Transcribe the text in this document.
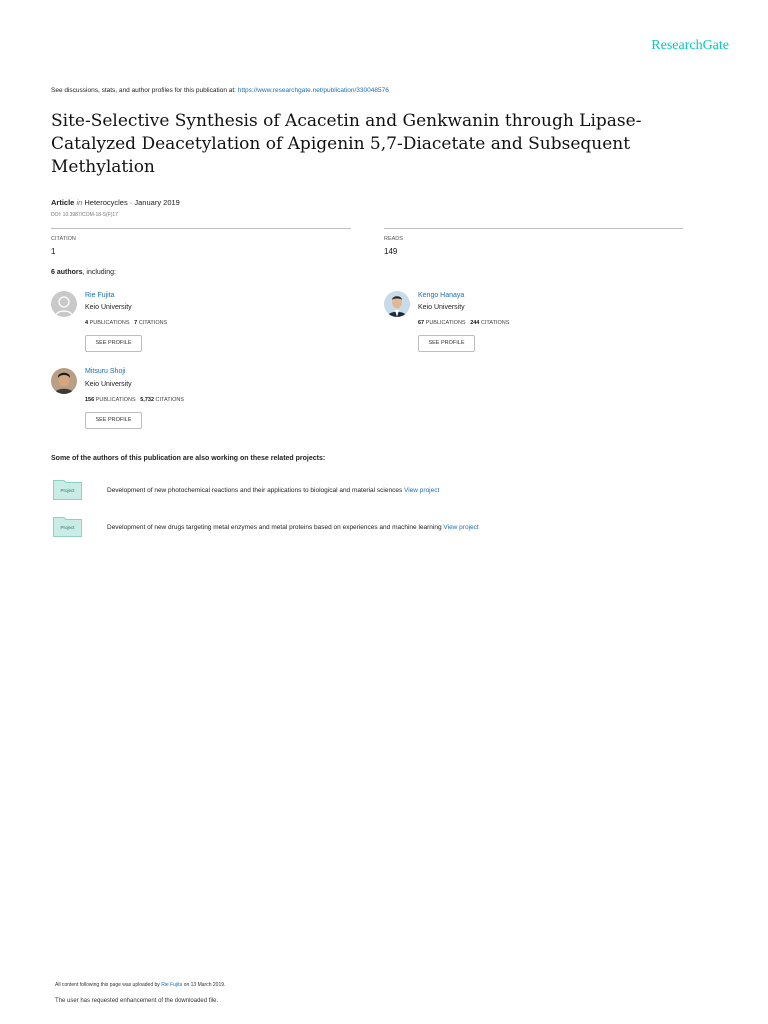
ResearchGate
See discussions, stats, and author profiles for this publication at: https://www.researchgate.net/publication/330048576
Site-Selective Synthesis of Acacetin and Genkwanin through Lipase-Catalyzed Deacetylation of Apigenin 5,7-Diacetate and Subsequent Methylation
Article in Heterocycles · January 2019
DOI: 10.3987/COM-18-S(F)17
CITATION
1
READS
149
6 authors, including:
Rie Fujita
Keio University
4 PUBLICATIONS 7 CITATIONS
SEE PROFILE
Kengo Hanaya
Keio University
67 PUBLICATIONS 244 CITATIONS
SEE PROFILE
Mitsuru Shoji
Keio University
156 PUBLICATIONS 5,732 CITATIONS
SEE PROFILE
Some of the authors of this publication are also working on these related projects:
Project	Development of new photochemical reactions and their applications to biological and material sciences View project
Project	Development of new drugs targeting metal enzymes and metal proteins based on experiences and machine learning View project
All content following this page was uploaded by Rie Fujita on 13 March 2019.
The user has requested enhancement of the downloaded file.
